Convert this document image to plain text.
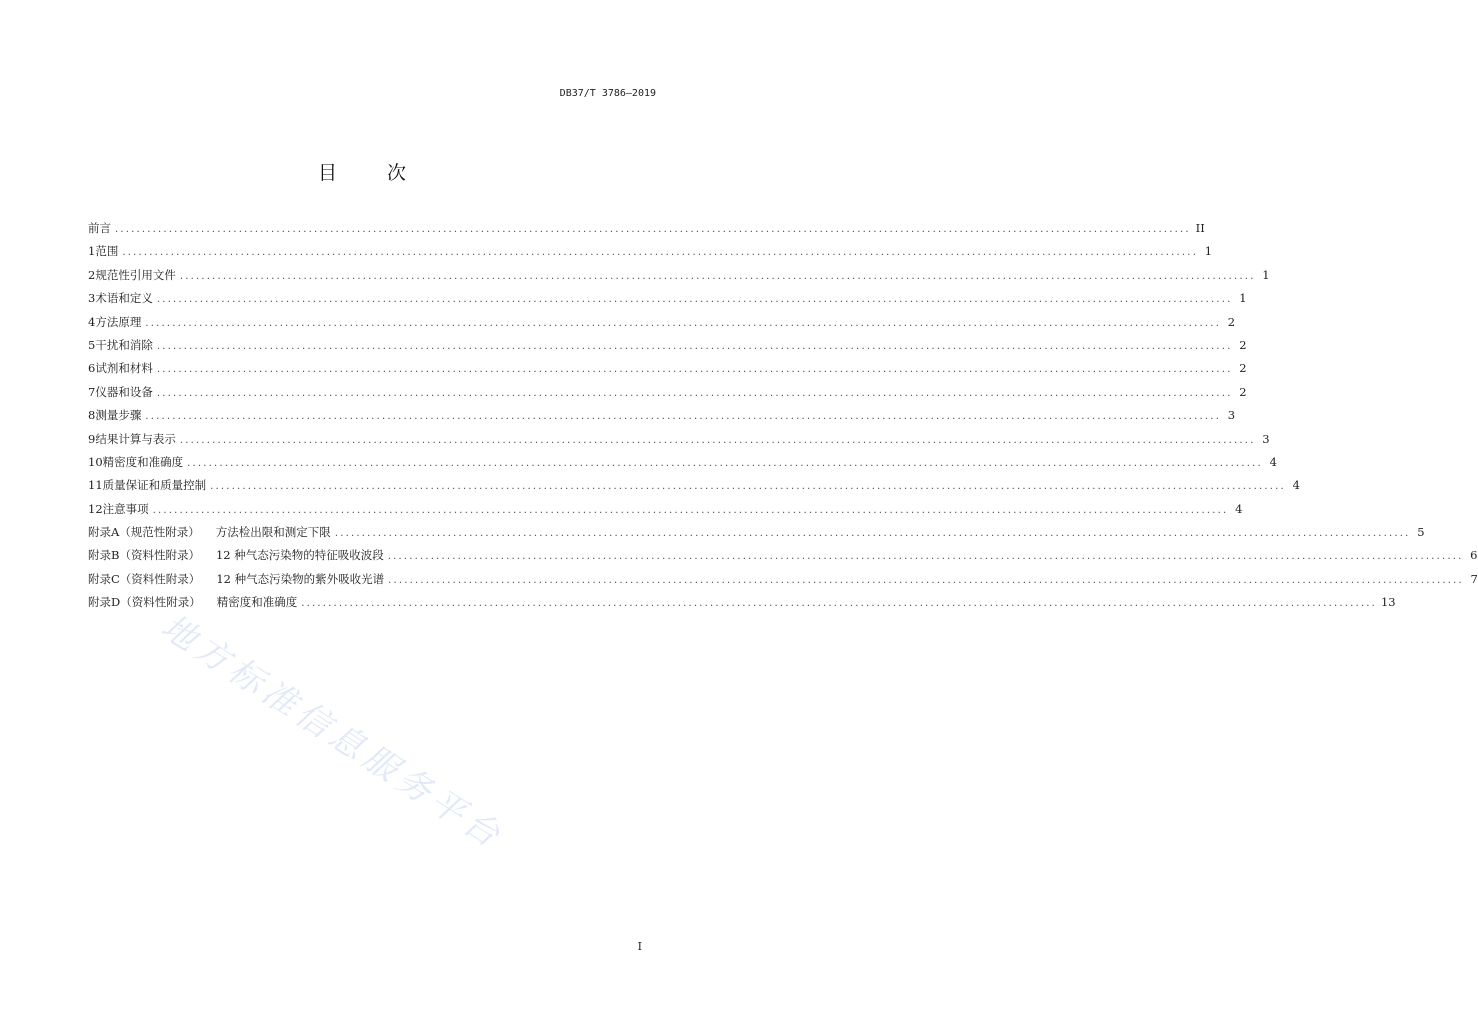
DB37/T 3786—2019
目 次
前言 ........................................................................................................................................................................................................ II
1 范围 ........................................................................................................................................................................................................ 1
2 规范性引用文件 ........................................................................................................................................................................................................ 1
3 术语和定义 ........................................................................................................................................................................................................ 1
4 方法原理 ........................................................................................................................................................................................................ 2
5 干扰和消除 ........................................................................................................................................................................................................ 2
6 试剂和材料 ........................................................................................................................................................................................................ 2
7 仪器和设备 ........................................................................................................................................................................................................ 2
8 测量步骤 ........................................................................................................................................................................................................ 3
9 结果计算与表示 ........................................................................................................................................................................................................ 3
10 精密度和准确度 ........................................................................................................................................................................................................ 4
11 质量保证和质量控制 ........................................................................................................................................................................................................ 4
12 注意事项 ........................................................................................................................................................................................................ 4
附录A（规范性附录） 方法检出限和测定下限 ........................................................................................................................................................................................................ 5
附录B（资料性附录） 12 种气态污染物的特征吸收波段 ........................................................................................................................................................................................................ 6
附录C（资料性附录） 12 种气态污染物的紫外吸收光谱 ........................................................................................................................................................................................................ 7
附录D（资料性附录） 精密度和准确度 ........................................................................................................................................................................................................ 13
地方标准信息服务平台
I
